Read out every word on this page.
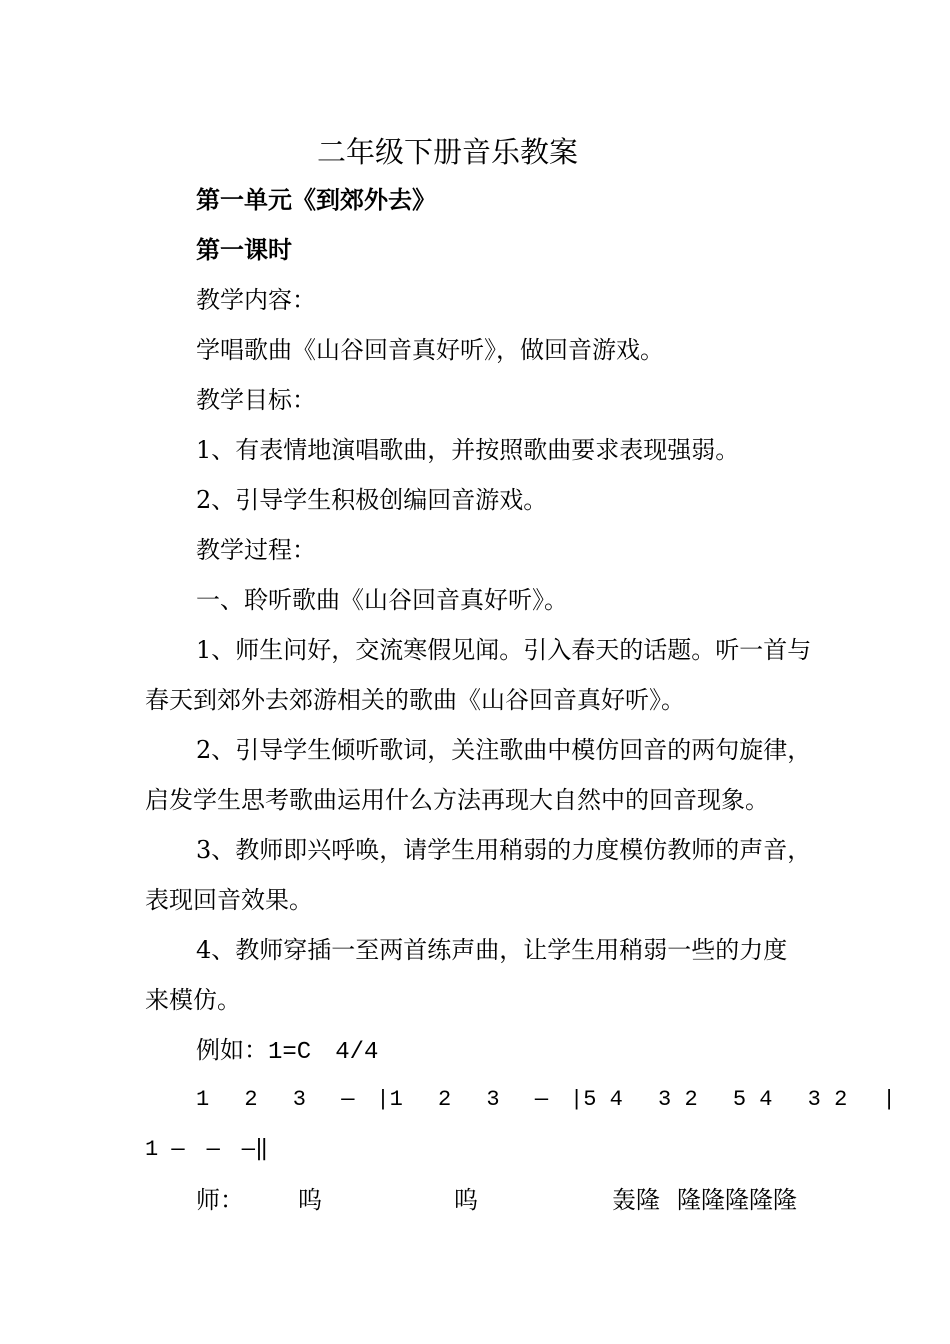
二年级下册音乐教案
第一单元《到郊外去》
第一课时
教学内容：
学唱歌曲《山谷回音真好听》，做回音游戏。
教学目标：
1、有表情地演唱歌曲，并按照歌曲要求表现强弱。
2、引导学生积极创编回音游戏。
教学过程：
一、聆听歌曲《山谷回音真好听》。
1、师生问好，交流寒假见闻。引入春天的话题。听一首与
春天到郊外去郊游相关的歌曲《山谷回音真好听》。
2、引导学生倾听歌词，关注歌曲中模仿回音的两句旋律，
启发学生思考歌曲运用什么方法再现大自然中的回音现象。
3、教师即兴呼唤，请学生用稍弱的力度模仿教师的声音，
表现回音效果。
4、教师穿插一至两首练声曲，让学生用稍弱一些的力度
来模仿。
例如：1=C　4/4
1　 2　 3　 —　|1　 2　 3　 —　|5 4　 3 2　 5 4　 3 2　 |
1 —　—　—‖
师： 呜	呜	轰隆 隆隆隆隆隆
